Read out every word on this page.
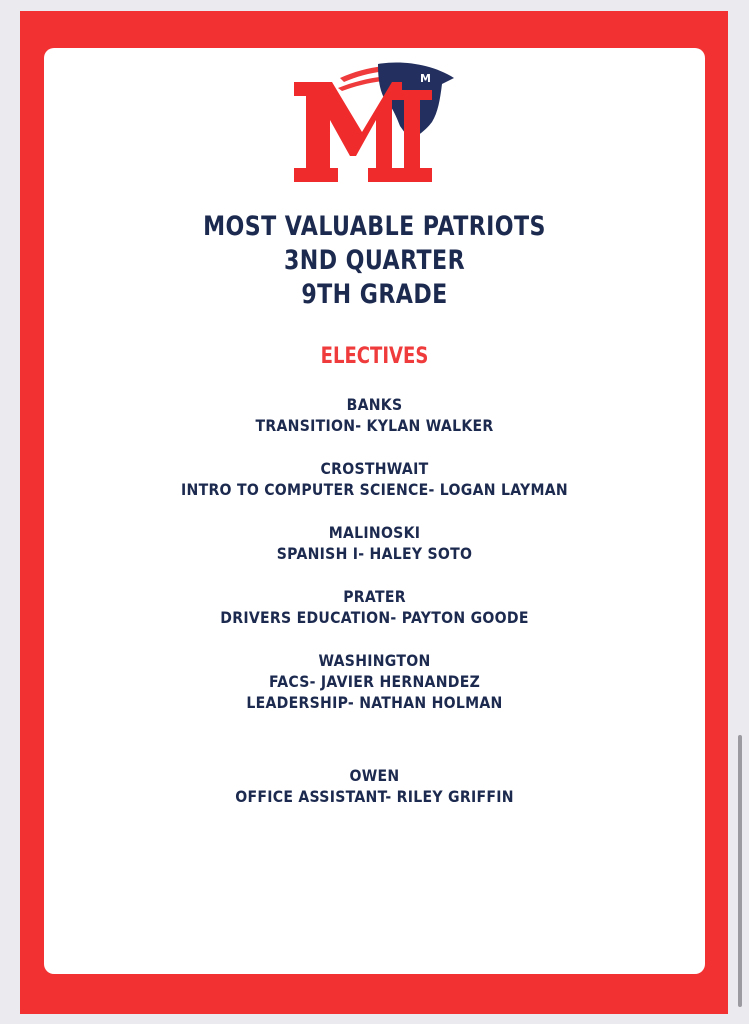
M
MOST VALUABLE PATRIOTS
3ND QUARTER
9TH GRADE
ELECTIVES
BANKS
TRANSITION- KYLAN WALKER
CROSTHWAIT
INTRO TO COMPUTER SCIENCE- LOGAN LAYMAN
MALINOSKI
SPANISH I- HALEY SOTO
PRATER
DRIVERS EDUCATION- PAYTON GOODE
WASHINGTON
FACS- JAVIER HERNANDEZ
LEADERSHIP- NATHAN HOLMAN
OWEN
OFFICE ASSISTANT- RILEY GRIFFIN
